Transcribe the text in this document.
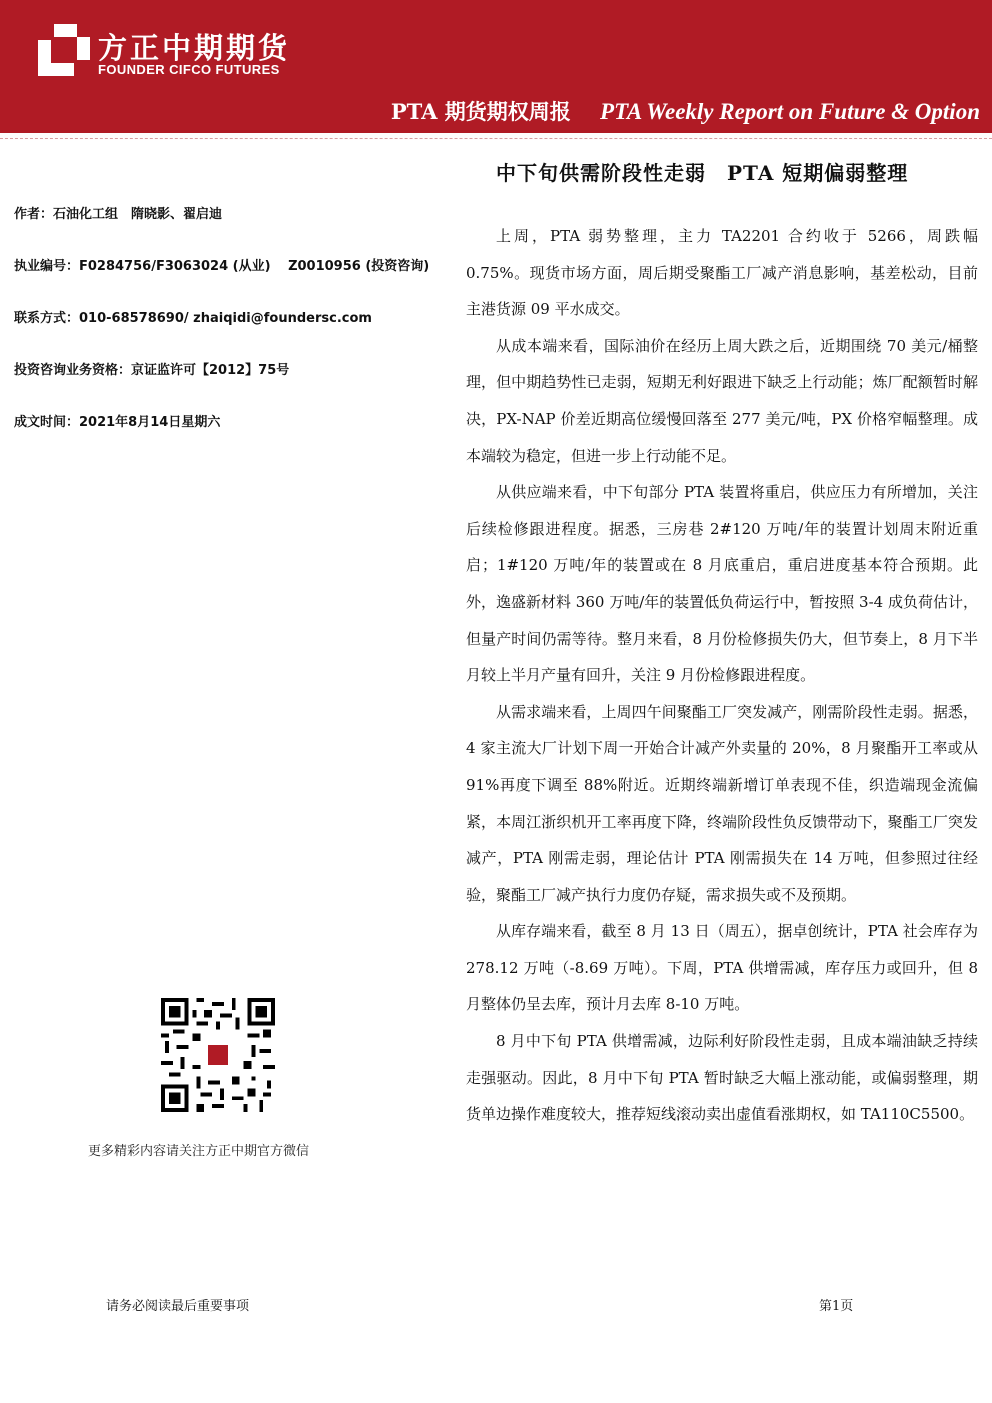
方正中期期货
FOUNDER CIFCO FUTURES
PTA 期货期权周报 PTA Weekly Report on Future & Option
中下旬供需阶段性走弱　PTA 短期偏弱整理
作者：石油化工组　隋晓影、翟启迪
执业编号：F0284756/F3063024 (从业)　 Z0010956 (投资咨询)
联系方式：010-68578690/ zhaiqidi@foundersc.com
投资咨询业务资格：京证监许可【2012】75号
成文时间：2021年8月14日星期六
更多精彩内容请关注方正中期官方微信

上周，PTA 弱势整理，主力 TA2201 合约收于 5266，周跌幅 0.75%。现货市场方面，周后期受聚酯工厂减产消息影响，基差松动，目前主港货源 09 平水成交。

从成本端来看，国际油价在经历上周大跌之后，近期围绕 70 美元/桶整理，但中期趋势性已走弱，短期无利好跟进下缺乏上行动能；炼厂配额暂时解决，PX-NAP 价差近期高位缓慢回落至 277 美元/吨，PX 价格窄幅整理。成本端较为稳定，但进一步上行动能不足。

从供应端来看，中下旬部分 PTA 装置将重启，供应压力有所增加，关注后续检修跟进程度。据悉，三房巷 2#120 万吨/年的装置计划周末附近重启；1#120 万吨/年的装置或在 8 月底重启，重启进度基本符合预期。此外，逸盛新材料 360 万吨/年的装置低负荷运行中，暂按照 3-4 成负荷估计，但量产时间仍需等待。整月来看，8 月份检修损失仍大，但节奏上，8 月下半月较上半月产量有回升，关注 9 月份检修跟进程度。

从需求端来看，上周四午间聚酯工厂突发减产，刚需阶段性走弱。据悉，4 家主流大厂计划下周一开始合计减产外卖量的 20%，8 月聚酯开工率或从 91%再度下调至 88%附近。近期终端新增订单表现不佳，织造端现金流偏紧，本周江浙织机开工率再度下降，终端阶段性负反馈带动下，聚酯工厂突发减产，PTA 刚需走弱，理论估计 PTA 刚需损失在 14 万吨，但参照过往经验，聚酯工厂减产执行力度仍存疑，需求损失或不及预期。

从库存端来看，截至 8 月 13 日（周五），据卓创统计，PTA 社会库存为 278.12 万吨（-8.69 万吨）。下周，PTA 供增需减，库存压力或回升，但 8 月整体仍呈去库，预计月去库 8-10 万吨。

8 月中下旬 PTA 供增需减，边际利好阶段性走弱，且成本端油缺乏持续走强驱动。因此，8 月中下旬 PTA 暂时缺乏大幅上涨动能，或偏弱整理，期货单边操作难度较大，推荐短线滚动卖出虚值看涨期权，如 TA110C5500。

请务必阅读最后重要事项	第1页
